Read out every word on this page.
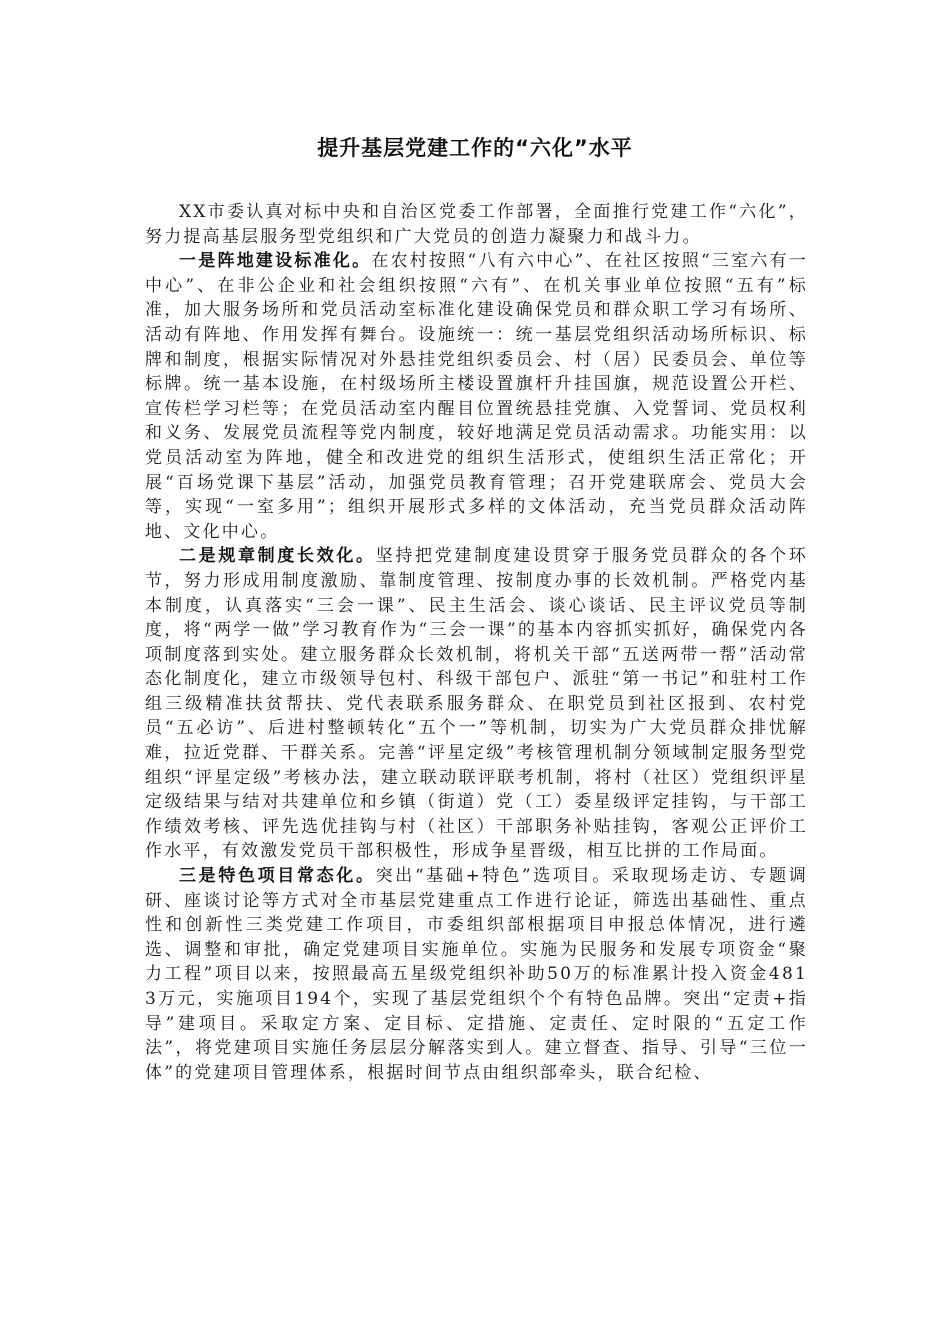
提升基层党建工作的“六化”水平

XX市委认真对标中央和自治区党委工作部署，全面推行党建工作“六化”，努力提高基层服务型党组织和广大党员的创造力凝聚力和战斗力。

一是阵地建设标准化。在农村按照“八有六中心”、在社区按照“三室六有一中心”、在非公企业和社会组织按照“六有”、在机关事业单位按照“五有”标准，加大服务场所和党员活动室标准化建设确保党员和群众职工学习有场所、活动有阵地、作用发挥有舞台。设施统一：统一基层党组织活动场所标识、标牌和制度，根据实际情况对外悬挂党组织委员会、村（居）民委员会、单位等标牌。统一基本设施，在村级场所主楼设置旗杆升挂国旗，规范设置公开栏、宣传栏学习栏等；在党员活动室内醒目位置统悬挂党旗、入党誓词、党员权利和义务、发展党员流程等党内制度，较好地满足党员活动需求。功能实用：以党员活动室为阵地，健全和改进党的组织生活形式，使组织生活正常化；开展“百场党课下基层”活动，加强党员教育管理；召开党建联席会、党员大会等，实现“一室多用”；组织开展形式多样的文体活动，充当党员群众活动阵地、文化中心。

二是规章制度长效化。坚持把党建制度建设贯穿于服务党员群众的各个环节，努力形成用制度激励、靠制度管理、按制度办事的长效机制。严格党内基本制度，认真落实“三会一课”、民主生活会、谈心谈话、民主评议党员等制度，将“两学一做”学习教育作为“三会一课”的基本内容抓实抓好，确保党内各项制度落到实处。建立服务群众长效机制，将机关干部“五送两带一帮”活动常态化制度化，建立市级领导包村、科级干部包户、派驻“第一书记”和驻村工作组三级精准扶贫帮扶、党代表联系服务群众、在职党员到社区报到、农村党员“五必访”、后进村整顿转化“五个一”等机制，切实为广大党员群众排忧解难，拉近党群、干群关系。完善“评星定级”考核管理机制分领域制定服务型党组织“评星定级”考核办法，建立联动联评联考机制，将村（社区）党组织评星定级结果与结对共建单位和乡镇（街道）党（工）委星级评定挂钩，与干部工作绩效考核、评先选优挂钩与村（社区）干部职务补贴挂钩，客观公正评价工作水平，有效激发党员干部积极性，形成争星晋级，相互比拼的工作局面。

三是特色项目常态化。突出“基础+特色”选项目。采取现场走访、专题调研、座谈讨论等方式对全市基层党建重点工作进行论证，筛选出基础性、重点性和创新性三类党建工作项目，市委组织部根据项目申报总体情况，进行遴选、调整和审批，确定党建项目实施单位。实施为民服务和发展专项资金“聚力工程”项目以来，按照最高五星级党组织补助50万的标准累计投入资金4813万元，实施项目194个，实现了基层党组织个个有特色品牌。突出“定责+指导”建项目。采取定方案、定目标、定措施、定责任、定时限的“五定工作法”，将党建项目实施任务层层分解落实到人。建立督查、指导、引导“三位一体”的党建项目管理体系，根据时间节点由组织部牵头，联合纪检、
